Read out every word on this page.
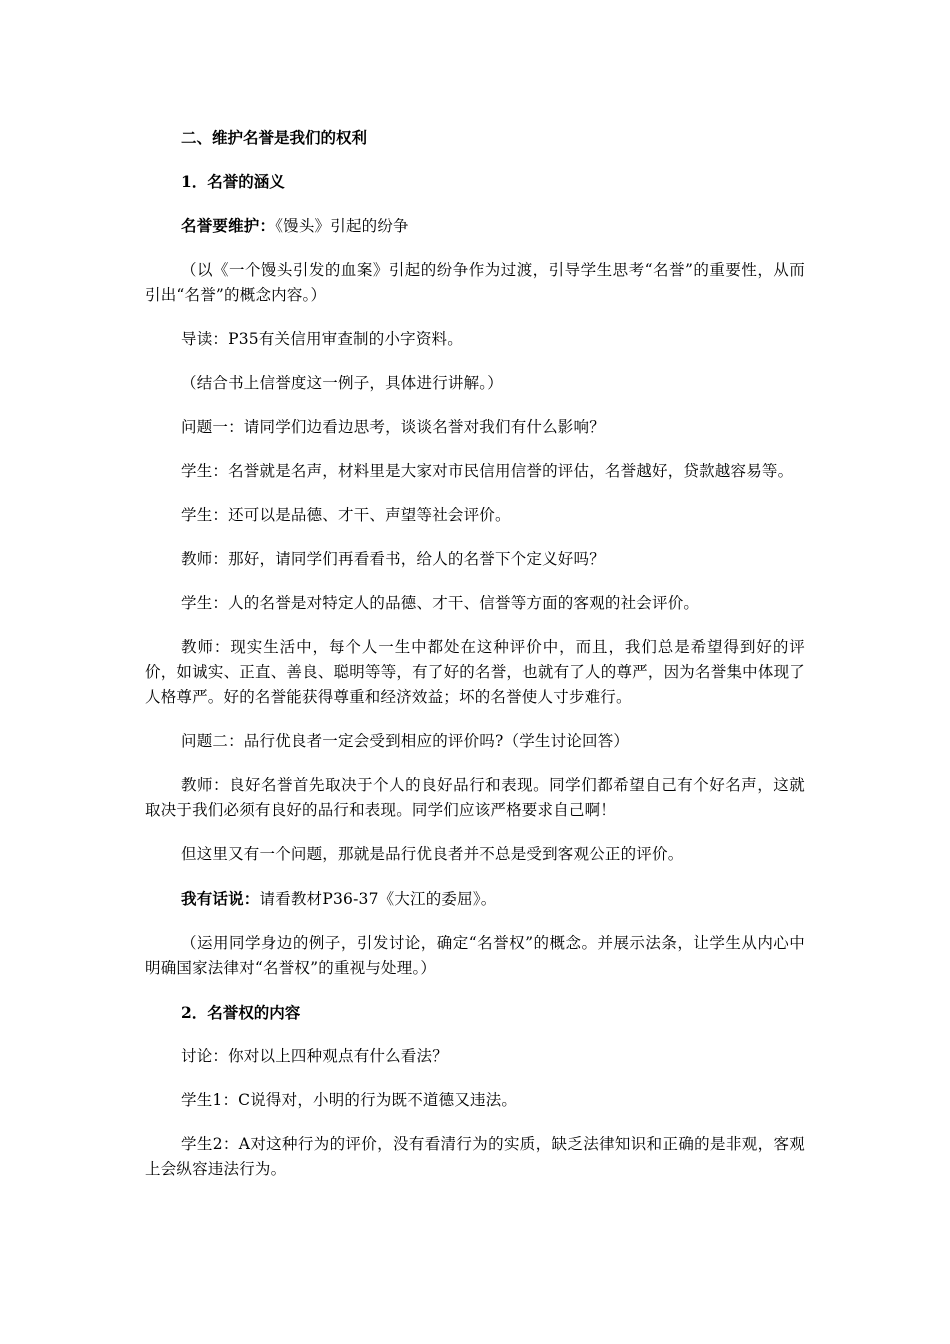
二、维护名誉是我们的权利

1．名誉的涵义

名誉要维护：《馒头》引起的纷争

（以《一个馒头引发的血案》引起的纷争作为过渡，引导学生思考“名誉”的重要性，从而引出“名誉”的概念内容。）

导读：P35有关信用审查制的小字资料。

（结合书上信誉度这一例子，具体进行讲解。）

问题一：请同学们边看边思考，谈谈名誉对我们有什么影响？

学生：名誉就是名声，材料里是大家对市民信用信誉的评估，名誉越好，贷款越容易等。

学生：还可以是品德、才干、声望等社会评价。

教师：那好，请同学们再看看书，给人的名誉下个定义好吗？

学生：人的名誉是对特定人的品德、才干、信誉等方面的客观的社会评价。

教师：现实生活中，每个人一生中都处在这种评价中，而且，我们总是希望得到好的评价，如诚实、正直、善良、聪明等等，有了好的名誉，也就有了人的尊严，因为名誉集中体现了人格尊严。好的名誉能获得尊重和经济效益；坏的名誉使人寸步难行。

问题二：品行优良者一定会受到相应的评价吗?（学生讨论回答）

教师：良好名誉首先取决于个人的良好品行和表现。同学们都希望自己有个好名声，这就取决于我们必须有良好的品行和表现。同学们应该严格要求自己啊！

但这里又有一个问题，那就是品行优良者并不总是受到客观公正的评价。

我有话说：请看教材P36-37《大江的委屈》。

（运用同学身边的例子，引发讨论，确定“名誉权”的概念。并展示法条，让学生从内心中明确国家法律对“名誉权”的重视与处理。）

2．名誉权的内容

讨论：你对以上四种观点有什么看法？

学生1：C说得对，小明的行为既不道德又违法。

学生2：A对这种行为的评价，没有看清行为的实质，缺乏法律知识和正确的是非观，客观上会纵容违法行为。
